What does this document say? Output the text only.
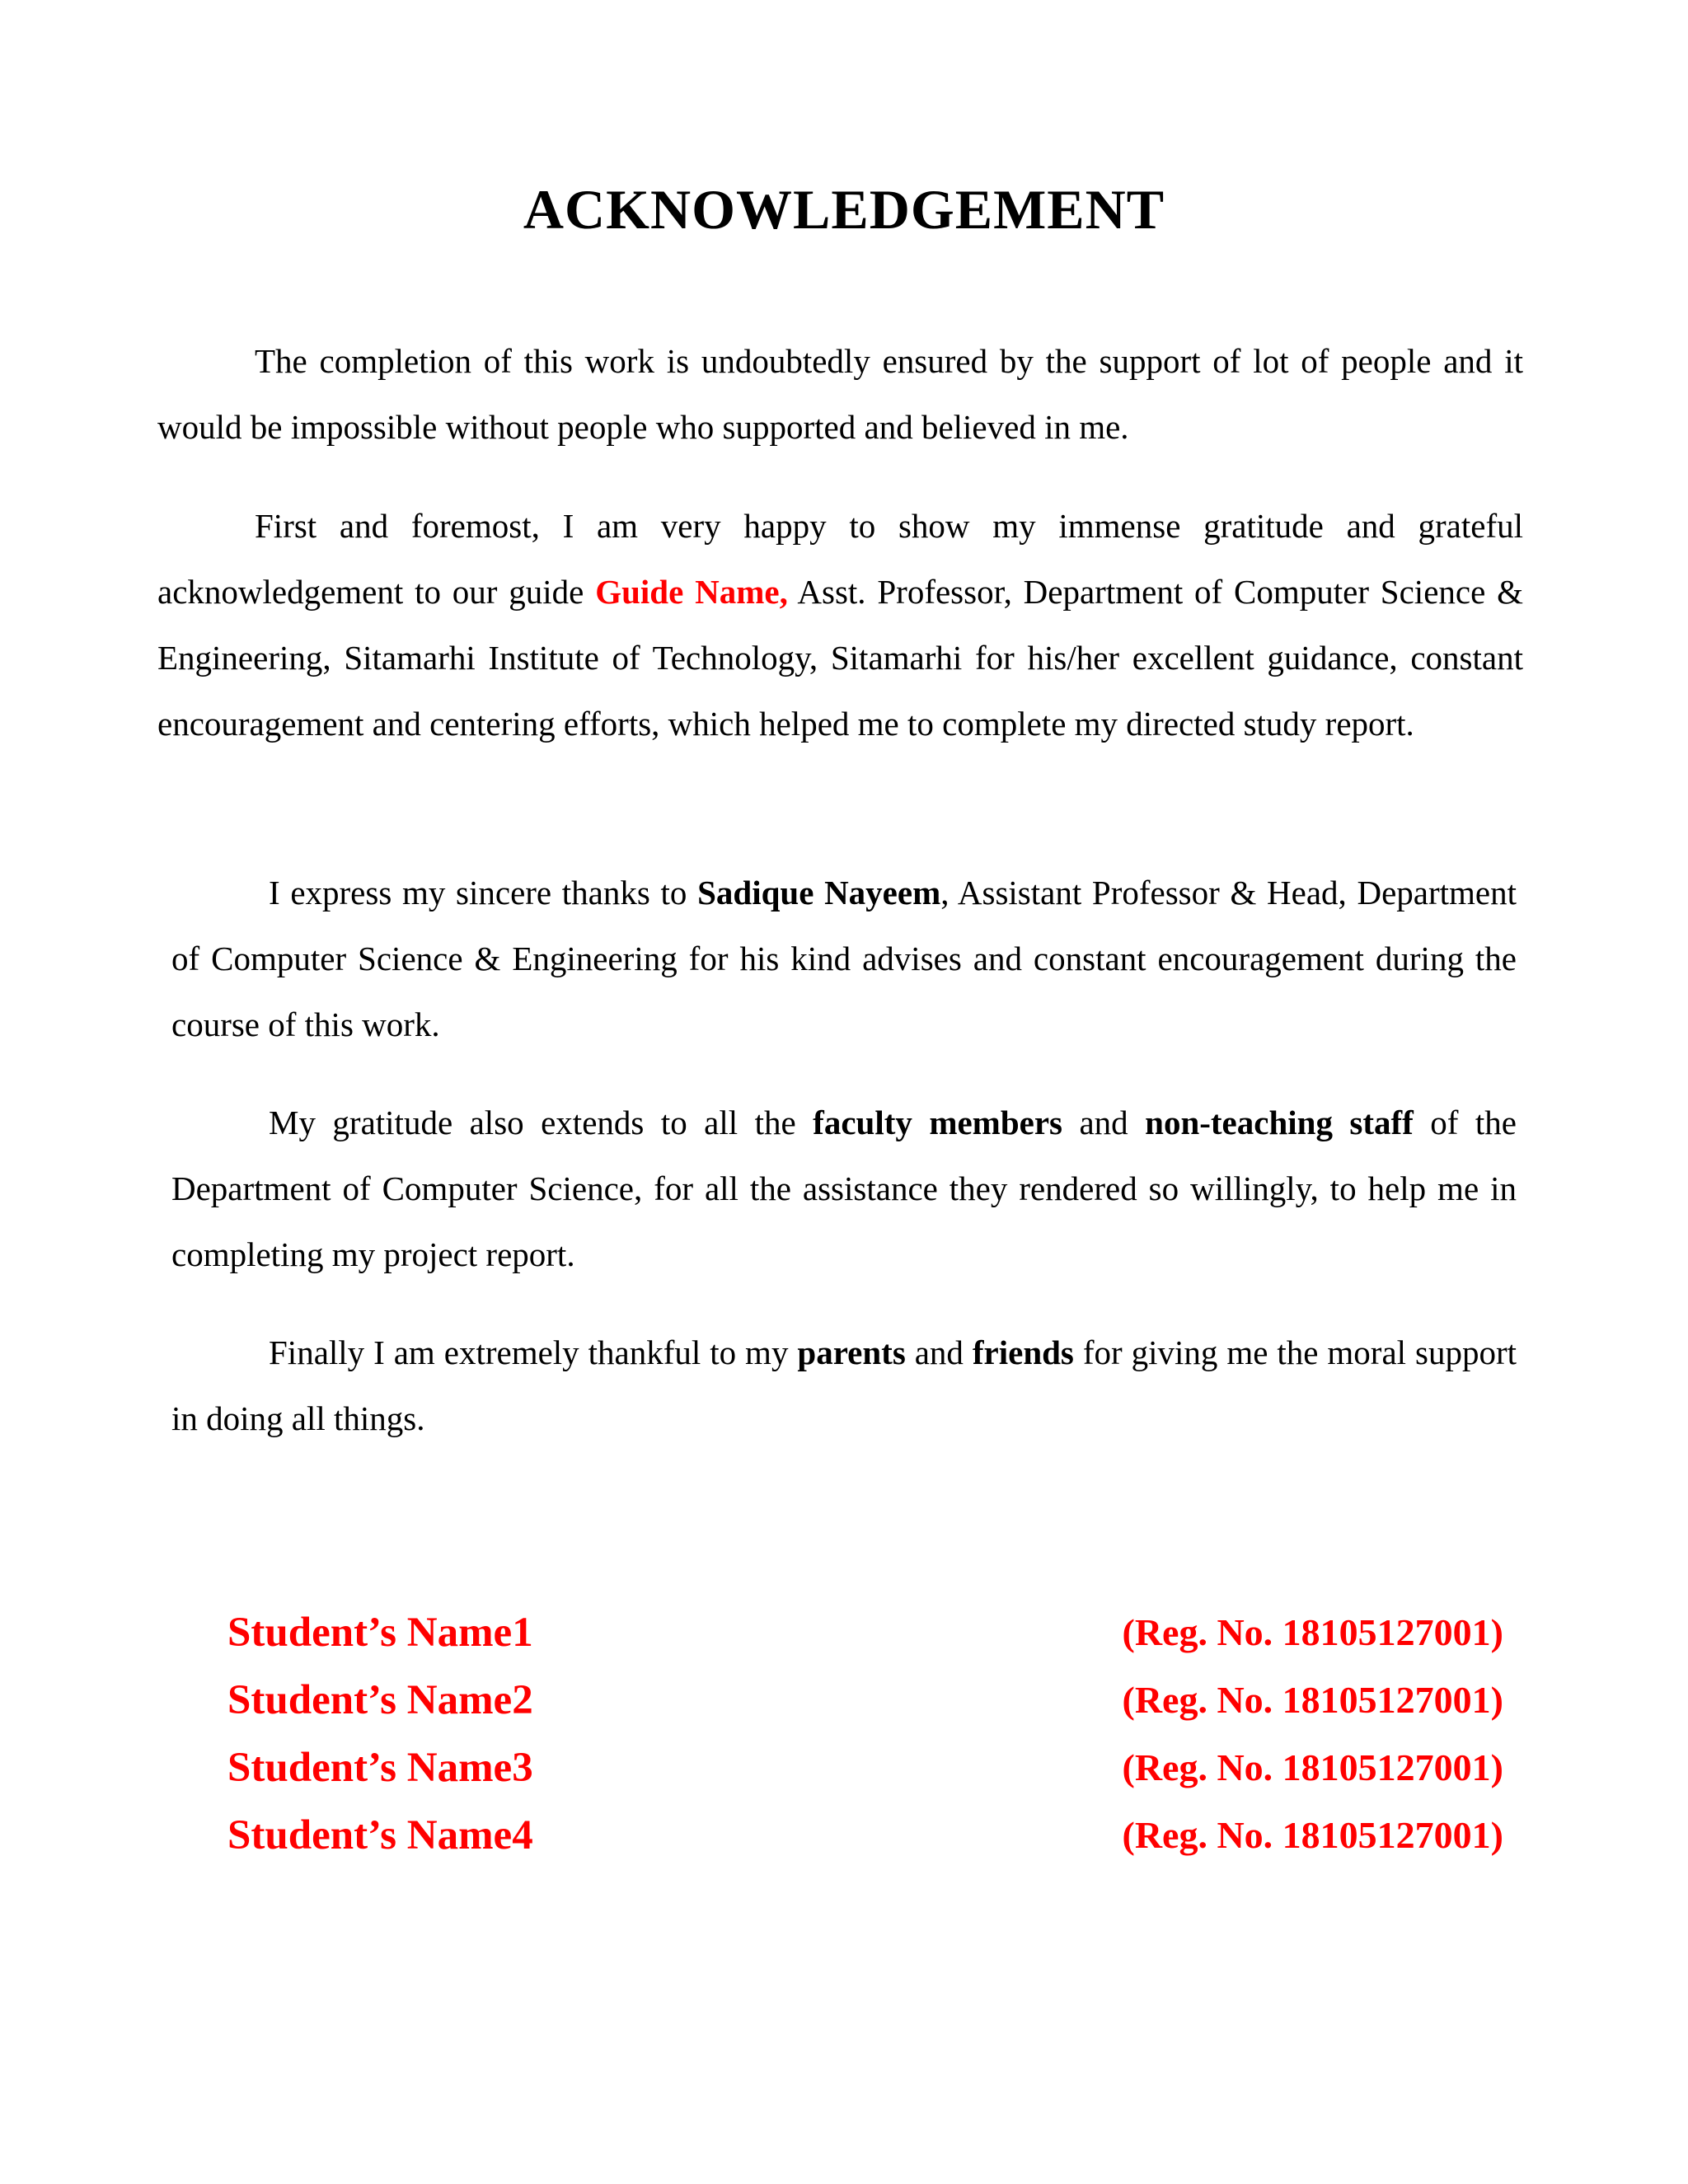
ACKNOWLEDGEMENT

The completion of this work is undoubtedly ensured by the support of lot of people and it would be impossible without people who supported and believed in me.

First and foremost, I am very happy to show my immense gratitude and grateful acknowledgement to our guide Guide Name, Asst. Professor, Department of Computer Science & Engineering, Sitamarhi Institute of Technology, Sitamarhi for his/her excellent guidance, constant encouragement and centering efforts, which helped me to complete my directed study report.

I express my sincere thanks to Sadique Nayeem, Assistant Professor & Head, Department of Computer Science & Engineering for his kind advises and constant encouragement during the course of this work.

My gratitude also extends to all the faculty members and non-teaching staff of the Department of Computer Science, for all the assistance they rendered so willingly, to help me in completing my project report.

Finally I am extremely thankful to my parents and friends for giving me the moral support in doing all things.

Student’s Name1	(Reg. No. 18105127001)
Student’s Name2	(Reg. No. 18105127001)
Student’s Name3	(Reg. No. 18105127001)
Student’s Name4	(Reg. No. 18105127001)
